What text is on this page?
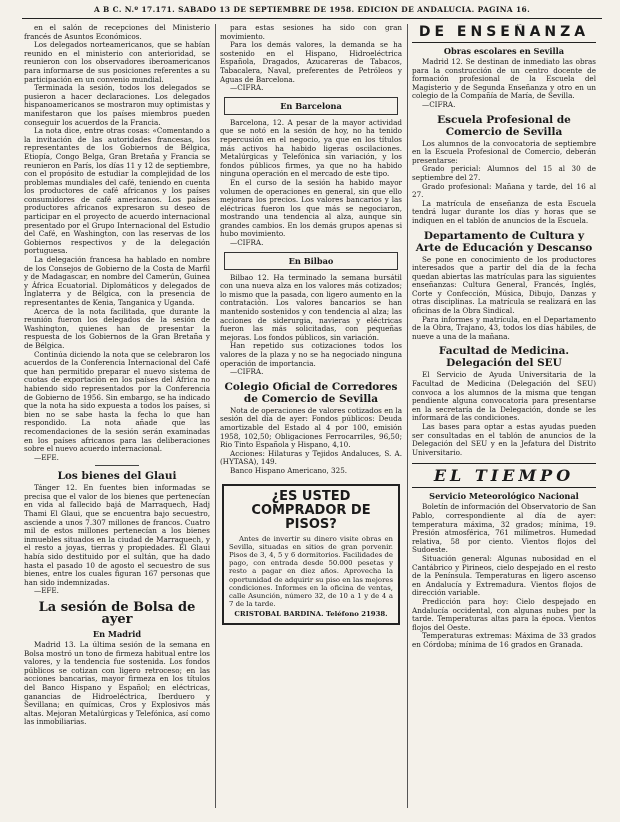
A B C. N.º 17.171. SABADO 13 DE SEPTIEMBRE DE 1958. EDICION DE ANDALUCIA. PAGINA 16.

en el salón de recepciones del Ministerio francés de Asuntos Económicos.

Los delegados norteamericanos, que se habían reunido en el ministerio con anterioridad, se reunieron con los observadores iberoamericanos para informarse de sus posiciones referentes a su participación en un convenio mundial.

Terminada la sesión, todos los delegados se pusieron a hacer declaraciones. Los delegados hispanoamericanos se mostraron muy optimistas y manifestaron que los países miembros pueden conseguir los acuerdos de la Francia.

La nota dice, entre otras cosas: «Comentando a la invitación de las autoridades francesas, los representantes de los Gobiernos de Bélgica, Etiopía, Congo Belga, Gran Bretaña y Francia se reunieron en París, los días 11 y 12 de septiembre, con el propósito de estudiar la complejidad de los problemas mundiales del café, teniendo en cuenta los productores de café africanos y los países consumidores de café americanos. Los países productores africanos expresaron su deseo de participar en el proyecto de acuerdo internacional presentado por el Grupo Internacional del Estudio del Café, en Washington, con las reservas de los Gobiernos respectivos y de la delegación portuguesa.

La delegación francesa ha hablado en nombre de los Consejos de Gobierno de la Costa de Marfil y de Madagascar, en nombre del Camerún, Guinea y África Ecuatorial. Diplomáticos y delegados de Inglaterra y de Bélgica, con la presencia de representantes de Kenia, Tanganica y Uganda.

Acerca de la nota facilitada, que durante la reunión fueron los delegados de la sesión de Washington, quienes han de presentar la respuesta de los Gobiernos de la Gran Bretaña y de Bélgica.

Continúa diciendo la nota que se celebraron los acuerdos de la Conferencia Internacional del Café que han permitido preparar el nuevo sistema de cuotas de exportación en los países del África no habiendo sido representados por la Conferencia de Gobierno de 1956. Sin embargo, se ha indicado que la nota ha sido expuesta a todos los países, si bien no se sabe hasta la fecha lo que han respondido. La nota añade que las recomendaciones de la sesión serán examinadas en los países africanos para las deliberaciones sobre el nuevo acuerdo internacional.

—EFE.

Los bienes del Glaui

Tánger 12. En fuentes bien informadas se precisa que el valor de los bienes que pertenecían en vida al fallecido bajá de Marraquech, Hadj Thami El Glaui, que se encuentra bajo secuestro, asciende a unos 7.307 millones de francos. Cuatro mil de estos millones pertenecían a los bienes inmuebles situados en la ciudad de Marraquech, y el resto a joyas, tierras y propiedades. El Glaui había sido destituido por el sultán, que ha dado hasta el pasado 10 de agosto el secuestro de sus bienes, entre los cuales figuran 167 personas que han sido indemnizadas.

—EFE.

La sesión de Bolsa de ayer
En Madrid

Madrid 13. La última sesión de la semana en Bolsa mostró un tono de firmeza habitual entre los valores, y la tendencia fue sostenida. Los fondos públicos se cotizan con ligero retroceso; en las acciones bancarias, mayor firmeza en los títulos del Banco Hispano y Español; en eléctricas, ganancias de Hidroeléctrica, Iberduero y Sevillana; en químicas, Cros y Explosivos más altas. Mejoran Metalúrgicas y Telefónica, así como las inmobiliarias.

para estas sesiones ha sido con gran movimiento.

Para los demás valores, la demanda se ha sostenido en el Hispano, Hidroeléctrica Española, Dragados, Azucareras de Tabacos, Tabacalera, Naval, preferentes de Petróleos y Aguas de Barcelona.

—CIFRA.

En Barcelona

Barcelona, 12. A pesar de la mayor actividad que se notó en la sesión de hoy, no ha tenido repercusión en el negocio, ya que en los títulos más activos ha habido ligeras oscilaciones. Metalúrgicas y Telefónica sin variación, y los fondos públicos firmes, ya que no ha habido ninguna operación en el mercado de este tipo.

En el curso de la sesión ha habido mayor volumen de operaciones en general, sin que ello mejorara los precios. Los valores bancarios y las eléctricas fueron los que más se negociaron, mostrando una tendencia al alza, aunque sin grandes cambios. En los demás grupos apenas si hubo movimiento.

—CIFRA.

En Bilbao

Bilbao 12. Ha terminado la semana bursátil con una nueva alza en los valores más cotizados; lo mismo que la pasada, con ligero aumento en la contratación. Los valores bancarios se han mantenido sostenidos y con tendencia al alza; las acciones de siderurgia, navieras y eléctricas fueron las más solicitadas, con pequeñas mejoras. Los fondos públicos, sin variación.

Han repetido sus cotizaciones todos los valores de la plaza y no se ha negociado ninguna operación de importancia.

—CIFRA.

Colegio Oficial de Corredores de Comercio de Sevilla

Nota de operaciones de valores cotizados en la sesión del día de ayer: Fondos públicos: Deuda amortizable del Estado al 4 por 100, emisión 1958, 102,50; Obligaciones Ferrocarriles, 96,50; Rio Tinto Española y Hispano, 4,10.

Acciones: Hilaturas y Tejidos Andaluces, S. A. (HYTASA), 149.

Banco Hispano Americano, 325.

¿ES USTED COMPRADOR DE PISOS?

Antes de invertir su dinero visite obras en Sevilla, situadas en sitios de gran porvenir. Pisos de 3, 4, 5 y 6 dormitorios. Facilidades de pago, con entrada desde 50.000 pesetas y resto a pagar en diez años. Aprovecha la oportunidad de adquirir su piso en las mejores condiciones. Informes en la oficina de ventas, calle Asunción, número 32, de 10 a 1 y de 4 a 7 de la tarde.

CRISTOBAL BARDINA. Teléfono 21938.

DE ENSEÑANZA
Obras escolares en Sevilla

Madrid 12. Se destinan de inmediato las obras para la construcción de un centro docente de formación profesional de la Escuela del Magisterio y de Segunda Enseñanza y otro en un colegio de la Compañía de María, de Sevilla.

—CIFRA.

Escuela Profesional de Comercio de Sevilla

Los alumnos de la convocatoria de septiembre en la Escuela Profesional de Comercio, deberán presentarse:

Grado pericial: Alumnos del 15 al 30 de septiembre del 27.

Grado profesional: Mañana y tarde, del 16 al 27.

La matrícula de enseñanza de esta Escuela tendrá lugar durante los días y horas que se indiquen en el tablón de anuncios de la Escuela.

Departamento de Cultura y Arte de Educación y Descanso

Se pone en conocimiento de los productores interesados que a partir del día de la fecha quedan abiertas las matrículas para las siguientes enseñanzas: Cultura General, Francés, Inglés, Corte y Confección, Música, Dibujo, Danzas y otras disciplinas. La matrícula se realizará en las oficinas de la Obra Sindical.

Para informes y matrícula, en el Departamento de la Obra, Trajano, 43, todos los días hábiles, de nueve a una de la mañana.

Facultad de Medicina. Delegación del SEU

El Servicio de Ayuda Universitaria de la Facultad de Medicina (Delegación del SEU) convoca a los alumnos de la misma que tengan pendiente alguna convocatoria para presentarse en la secretaría de la Delegación, donde se les informará de las condiciones.

Las bases para optar a estas ayudas pueden ser consultadas en el tablón de anuncios de la Delegación del SEU y en la Jefatura del Distrito Universitario.

EL TIEMPO
Servicio Meteorológico Nacional

Boletín de información del Observatorio de San Pablo, correspondiente al día de ayer: temperatura máxima, 32 grados; mínima, 19. Presión atmosférica, 761 milímetros. Humedad relativa, 58 por ciento. Vientos flojos del Sudoeste.

Situación general: Algunas nubosidad en el Cantábrico y Pirineos, cielo despejado en el resto de la Península. Temperaturas en ligero ascenso en Andalucía y Extremadura. Vientos flojos de dirección variable.

Predicción para hoy: Cielo despejado en Andalucía occidental, con algunas nubes por la tarde. Temperaturas altas para la época. Vientos flojos del Oeste.

Temperaturas extremas: Máxima de 33 grados en Córdoba; mínima de 16 grados en Granada.
